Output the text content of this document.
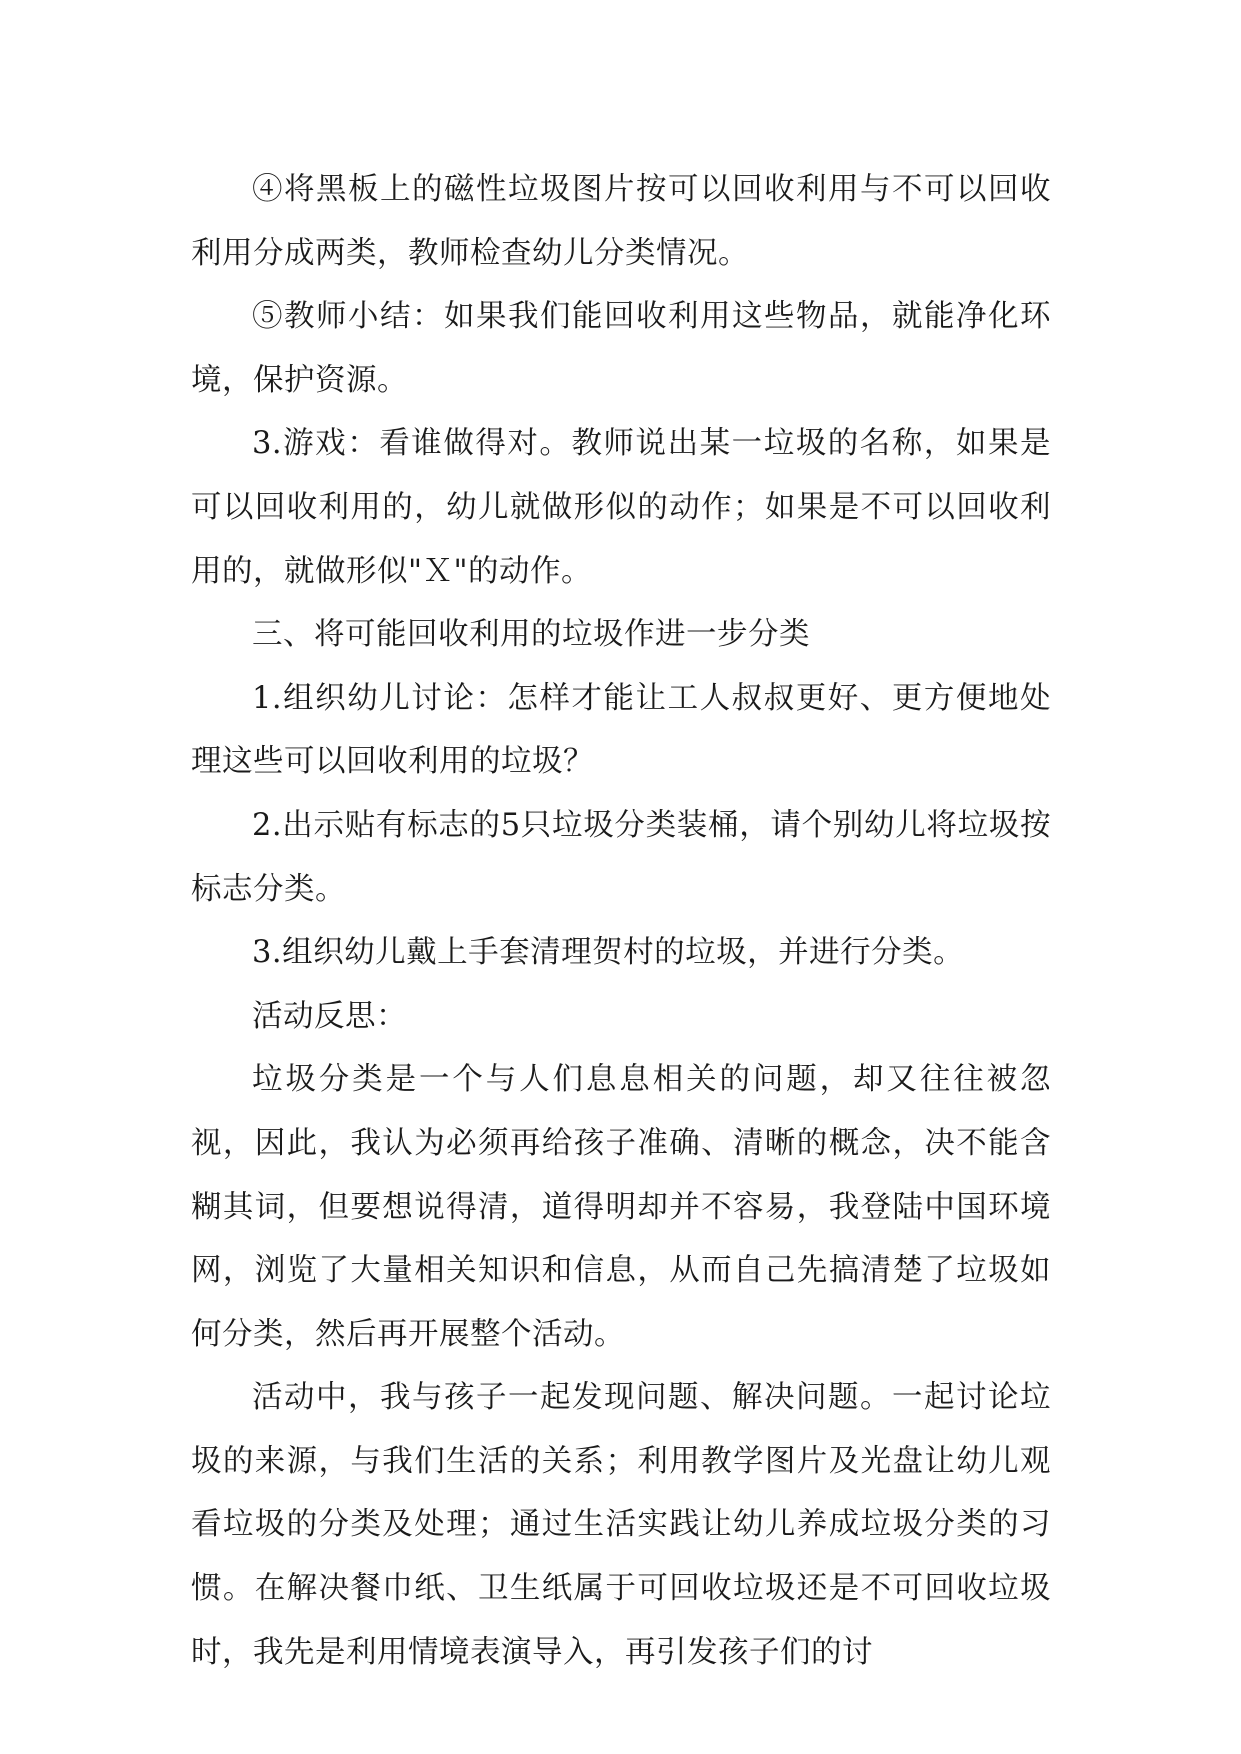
④将黑板上的磁性垃圾图片按可以回收利用与不可以回收利用分成两类，教师检查幼儿分类情况。

⑤教师小结：如果我们能回收利用这些物品，就能净化环境，保护资源。

3.游戏：看谁做得对。教师说出某一垃圾的名称，如果是可以回收利用的，幼儿就做形似的动作；如果是不可以回收利用的，就做形似"Ｘ"的动作。

三、将可能回收利用的垃圾作进一步分类

1.组织幼儿讨论：怎样才能让工人叔叔更好、更方便地处理这些可以回收利用的垃圾？

2.出示贴有标志的5只垃圾分类装桶，请个别幼儿将垃圾按标志分类。

3.组织幼儿戴上手套清理贺村的垃圾，并进行分类。

活动反思：

垃圾分类是一个与人们息息相关的问题，却又往往被忽视，因此，我认为必须再给孩子准确、清晰的概念，决不能含糊其词，但要想说得清，道得明却并不容易，我登陆中国环境网，浏览了大量相关知识和信息，从而自己先搞清楚了垃圾如何分类，然后再开展整个活动。

活动中，我与孩子一起发现问题、解决问题。一起讨论垃圾的来源，与我们生活的关系；利用教学图片及光盘让幼儿观看垃圾的分类及处理；通过生活实践让幼儿养成垃圾分类的习惯。在解决餐巾纸、卫生纸属于可回收垃圾还是不可回收垃圾时，我先是利用情境表演导入，再引发孩子们的讨
